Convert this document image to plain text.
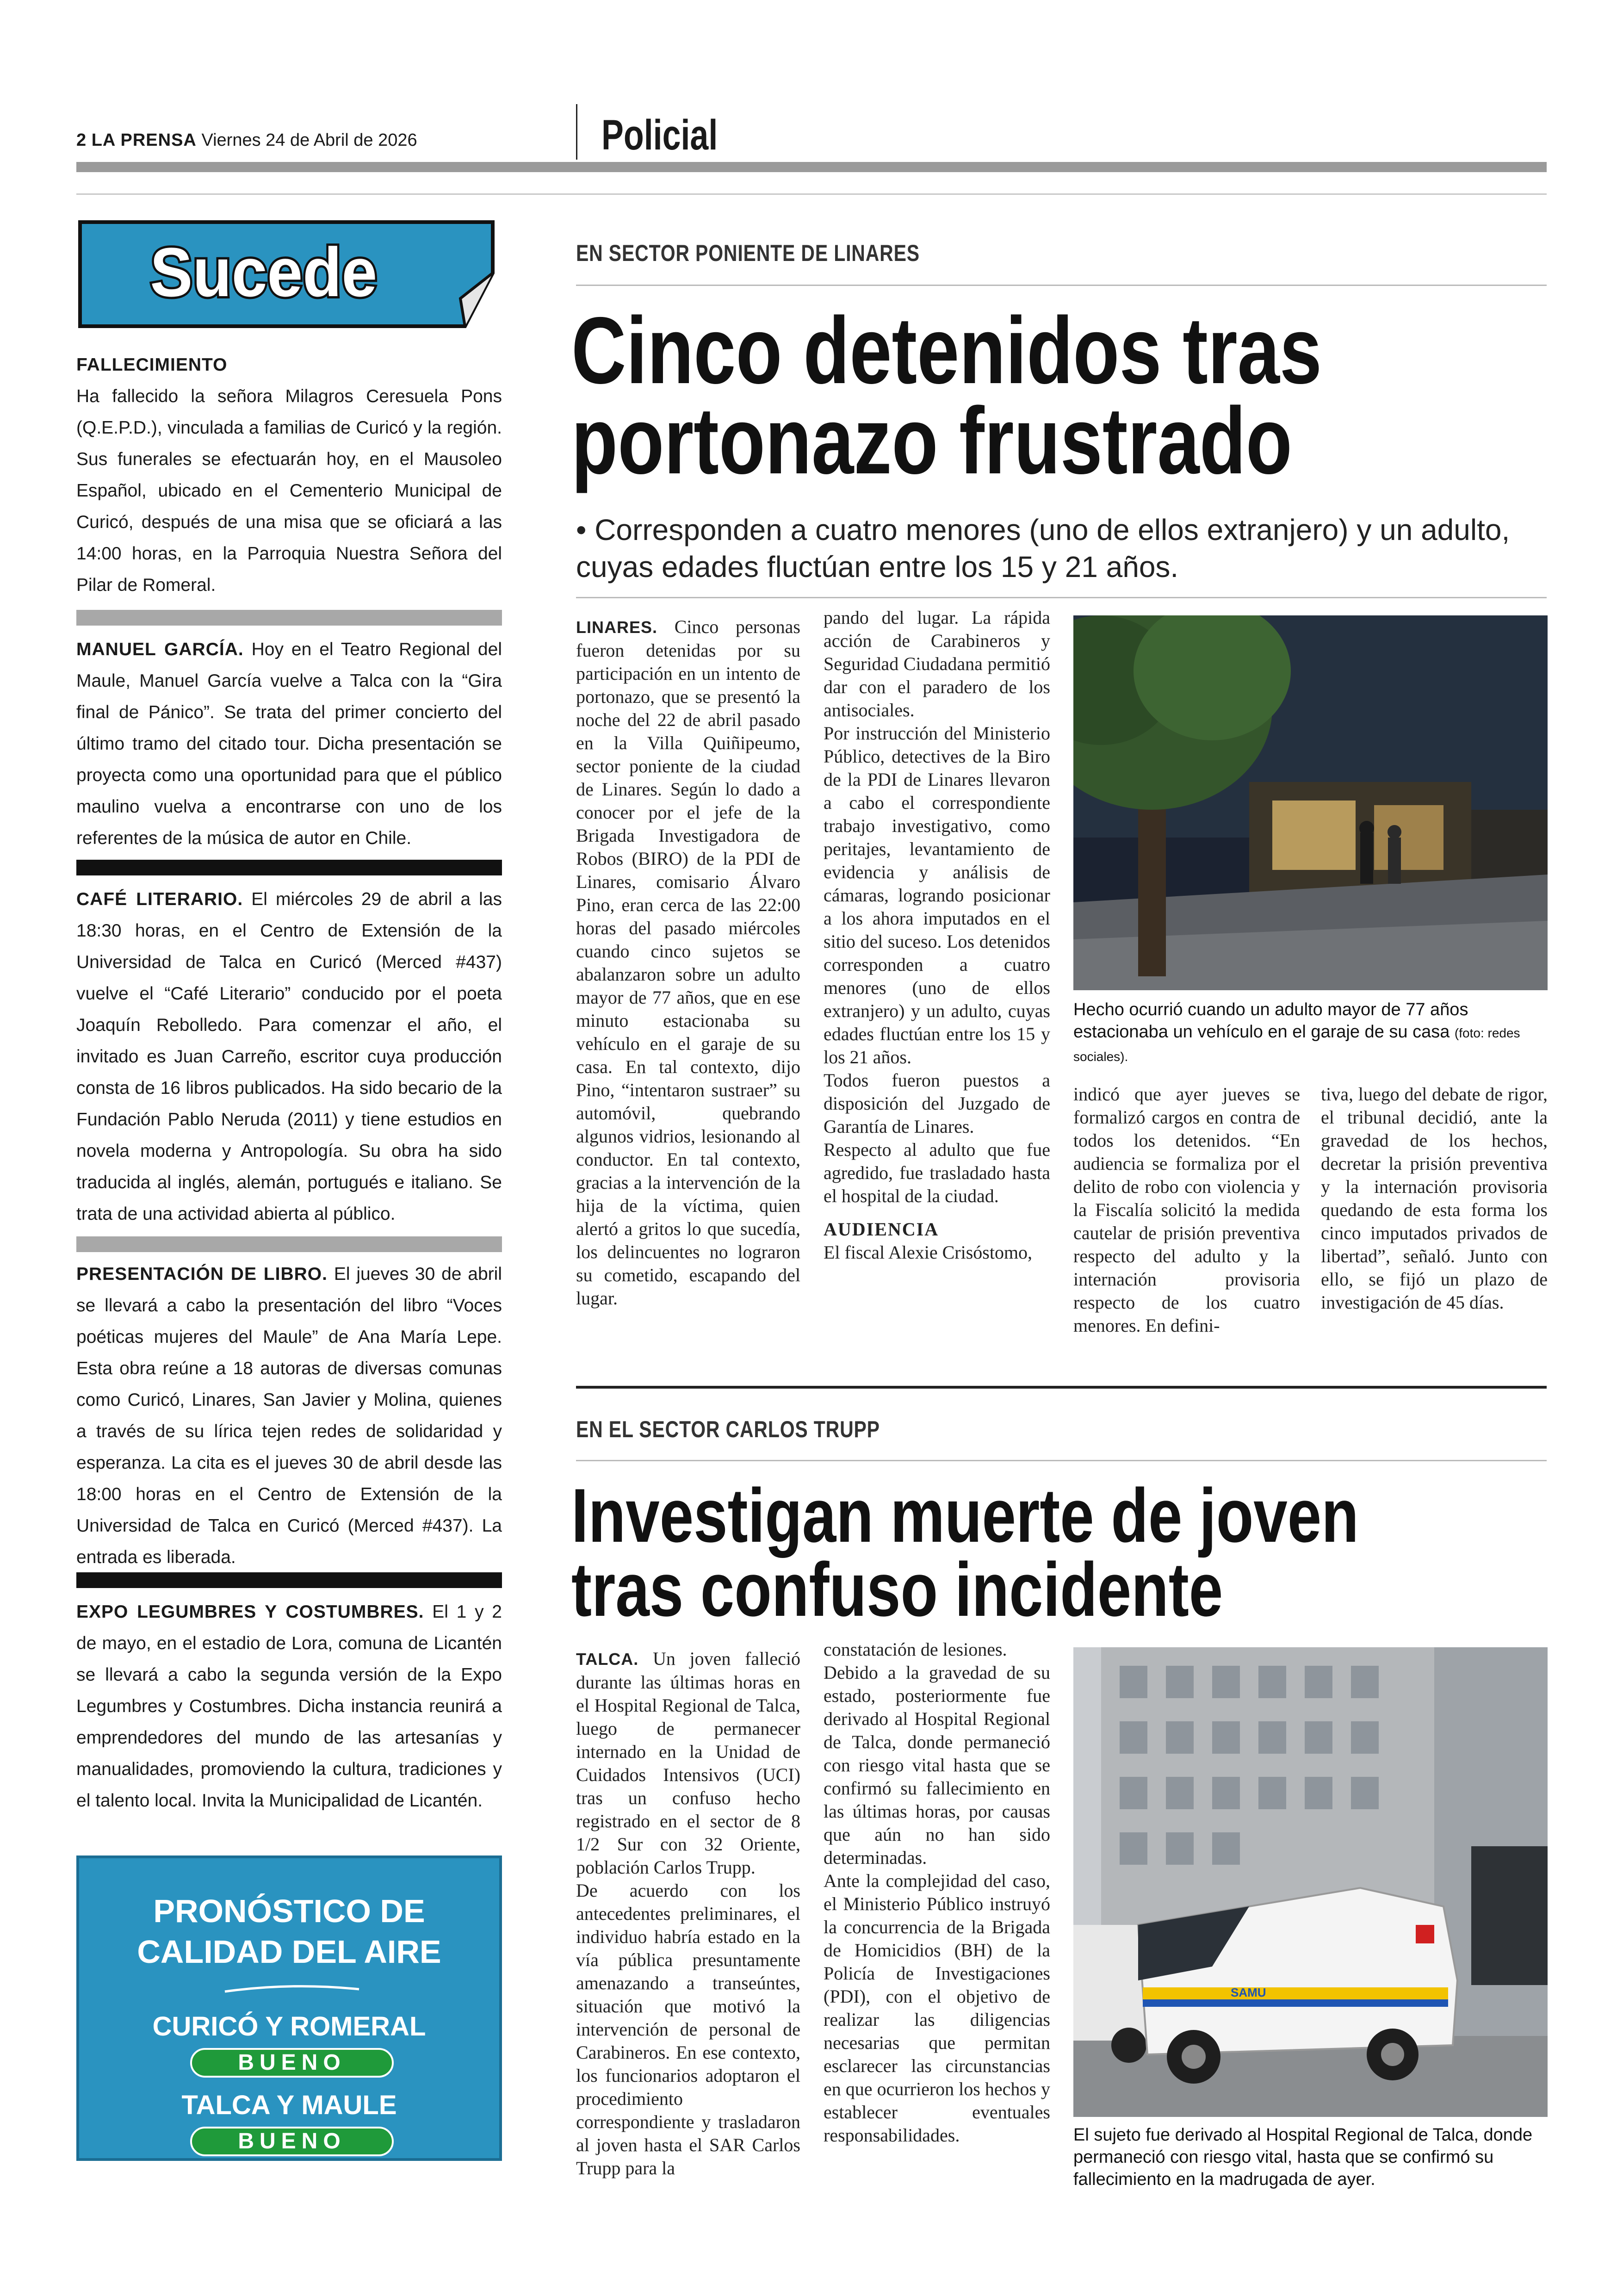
2 LA PRENSA Viernes 24 de Abril de 2026	Policial
Sucede
FALLECIMIENTO
Ha fallecido la señora Milagros Ceresuela Pons (Q.E.P.D.), vinculada a familias de Curicó y la región. Sus funerales se efectuarán hoy, en el Mausoleo Español, ubicado en el Cementerio Municipal de Curicó, después de una misa que se oficiará a las 14:00 horas, en la Parroquia Nuestra Señora del Pilar de Romeral.
MANUEL GARCÍA. Hoy en el Teatro Regional del Maule, Manuel García vuelve a Talca con la “Gira final de Pánico”. Se trata del primer concierto del último tramo del citado tour. Dicha presentación se proyecta como una oportunidad para que el público maulino vuelva a encontrarse con uno de los referentes de la música de autor en Chile.
CAFÉ LITERARIO. El miércoles 29 de abril a las 18:30 horas, en el Centro de Extensión de la Universidad de Talca en Curicó (Merced #437) vuelve el “Café Literario” conducido por el poeta Joaquín Rebolledo. Para comenzar el año, el invitado es Juan Carreño, escritor cuya producción consta de 16 libros publicados. Ha sido becario de la Fundación Pablo Neruda (2011) y tiene estudios en novela moderna y Antropología. Su obra ha sido traducida al inglés, alemán, portugués e italiano. Se trata de una actividad abierta al público.
PRESENTACIÓN DE LIBRO. El jueves 30 de abril se llevará a cabo la presentación del libro “Voces poéticas mujeres del Maule” de Ana María Lepe. Esta obra reúne a 18 autoras de diversas comunas como Curicó, Linares, San Javier y Molina, quienes a través de su lírica tejen redes de solidaridad y esperanza. La cita es el jueves 30 de abril desde las 18:00 horas en el Centro de Extensión de la Universidad de Talca en Curicó (Merced #437). La entrada es liberada.
EXPO LEGUMBRES Y COSTUMBRES. El 1 y 2 de mayo, en el estadio de Lora, comuna de Licantén se llevará a cabo la segunda versión de la Expo Legumbres y Costumbres. Dicha instancia reunirá a emprendedores del mundo de las artesanías y manualidades, promoviendo la cultura, tradiciones y el talento local. Invita la Municipalidad de Licantén.
PRONÓSTICO DE
CALIDAD DEL AIRE
CURICÓ Y ROMERAL
BUENO
TALCA Y MAULE
BUENO
EN SECTOR PONIENTE DE LINARES
Cinco detenidos tras
portonazo frustrado
• Corresponden a cuatro menores (uno de ellos extranjero) y un adulto,
cuyas edades fluctúan entre los 15 y 21 años.
LINARES. Cinco personas fueron detenidas por su participación en un intento de portonazo, que se presentó la noche del 22 de abril pasado en la Villa Quiñipeumo, sector poniente de la ciudad de Linares. Según lo dado a conocer por el jefe de la Brigada Investigadora de Robos (BIRO) de la PDI de Linares, comisario Álvaro Pino, eran cerca de las 22:00 horas del pasado miércoles cuando cinco sujetos se abalanzaron sobre un adulto mayor de 77 años, que en ese minuto estacionaba su vehículo en el garaje de su casa. En tal contexto, dijo Pino, “intentaron sustraer” su automóvil, quebrando algunos vidrios, lesionando al conductor. En tal contexto, gracias a la intervención de la hija de la víctima, quien alertó a gritos lo que sucedía, los delincuentes no lograron su cometido, escapando del lugar.
pando del lugar. La rápida acción de Carabineros y Seguridad Ciudadana permitió dar con el paradero de los antisociales.
Por instrucción del Ministerio Público, detectives de la Biro de la PDI de Linares llevaron a cabo el correspondiente trabajo investigativo, como peritajes, levantamiento de evidencia y análisis de cámaras, logrando posicionar a los ahora imputados en el sitio del suceso. Los detenidos corresponden a cuatro menores (uno de ellos extranjero) y un adulto, cuyas edades fluctúan entre los 15 y los 21 años.
Todos fueron puestos a disposición del Juzgado de Garantía de Linares.
Respecto al adulto que fue agredido, fue trasladado hasta el hospital de la ciudad.
AUDIENCIA
El fiscal Alexie Crisóstomo,
Hecho ocurrió cuando un adulto mayor de 77 años estacionaba un vehículo en el garaje de su casa (foto: redes sociales).
indicó que ayer jueves se formalizó cargos en contra de todos los detenidos. “En audiencia se formaliza por el delito de robo con violencia y la Fiscalía solicitó la medida cautelar de prisión preventiva respecto del adulto y la internación provisoria respecto de los cuatro menores. En defini-
tiva, luego del debate de rigor, el tribunal decidió, ante la gravedad de los hechos, decretar la prisión preventiva y la internación provisoria quedando de esta forma los cinco imputados privados de libertad”, señaló. Junto con ello, se fijó un plazo de investigación de 45 días.
EN EL SECTOR CARLOS TRUPP
Investigan muerte de joven
tras confuso incidente
TALCA. Un joven falleció durante las últimas horas en el Hospital Regional de Talca, luego de permanecer internado en la Unidad de Cuidados Intensivos (UCI) tras un confuso hecho registrado en el sector de 8 1/2 Sur con 32 Oriente, población Carlos Trupp.
De acuerdo con los antecedentes preliminares, el individuo habría estado en la vía pública presuntamente amenazando a transeúntes, situación que motivó la intervención de personal de Carabineros. En ese contexto, los funcionarios adoptaron el procedimiento correspondiente y trasladaron al joven hasta el SAR Carlos Trupp para la
constatación de lesiones.
Debido a la gravedad de su estado, posteriormente fue derivado al Hospital Regional de Talca, donde permaneció con riesgo vital hasta que se confirmó su fallecimiento en las últimas horas, por causas que aún no han sido determinadas.
Ante la complejidad del caso, el Ministerio Público instruyó la concurrencia de la Brigada de Homicidios (BH) de la Policía de Investigaciones (PDI), con el objetivo de realizar las diligencias necesarias que permitan esclarecer las circunstancias en que ocurrieron los hechos y establecer eventuales responsabilidades.
SAMU
El sujeto fue derivado al Hospital Regional de Talca, donde permaneció con riesgo vital, hasta que se confirmó su fallecimiento en la madrugada de ayer.
